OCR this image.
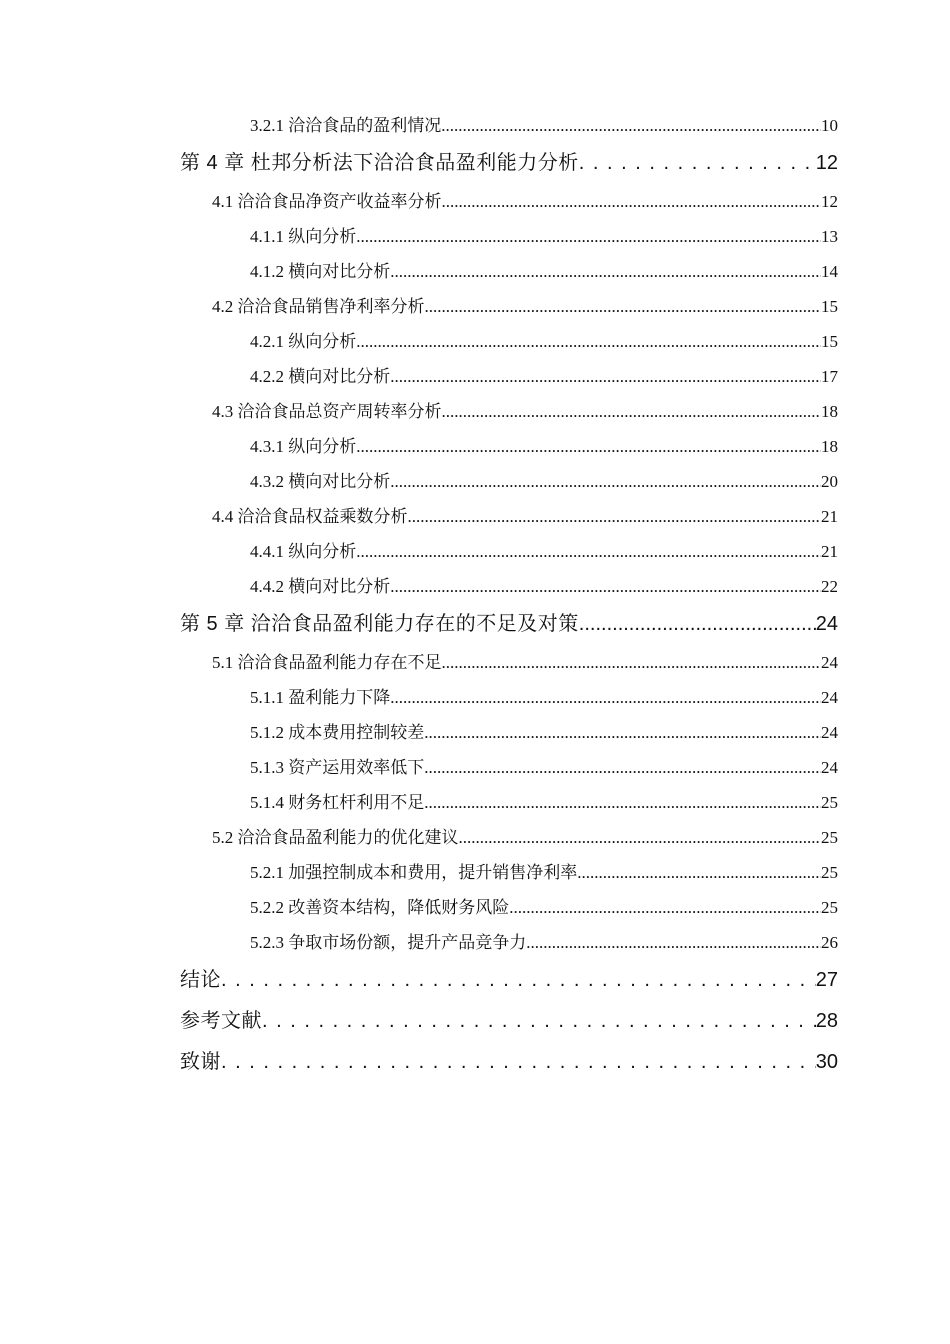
3.2.1 洽洽食品的盈利情况 .....	10
第 4 章 杜邦分析法下洽洽食品盈利能力分析 . . .	12
4.1 洽洽食品净资产收益率分析 .....	12
4.1.1 纵向分析 .....	13
4.1.2 横向对比分析 .....	14
4.2 洽洽食品销售净利率分析 .....	15
4.2.1 纵向分析 .....	15
4.2.2 横向对比分析 .....	17
4.3 洽洽食品总资产周转率分析 .....	18
4.3.1 纵向分析 .....	18
4.3.2 横向对比分析 .....	20
4.4 洽洽食品权益乘数分析 .....	21
4.4.1 纵向分析 .....	21
4.4.2 横向对比分析 .....	22
第 5 章 洽洽食品盈利能力存在的不足及对策 .....	24
5.1 洽洽食品盈利能力存在不足 .....	24
5.1.1 盈利能力下降 .....	24
5.1.2 成本费用控制较差 .....	24
5.1.3 资产运用效率低下 .....	24
5.1.4 财务杠杆利用不足 .....	25
5.2 洽洽食品盈利能力的优化建议 .....	25
5.2.1 加强控制成本和费用，提升销售净利率 .....	25
5.2.2 改善资本结构，降低财务风险 .....	25
5.2.3 争取市场份额，提升产品竞争力 .....	26
结论 . . .	27
参考文献 . . .	28
致谢 . . .	30
